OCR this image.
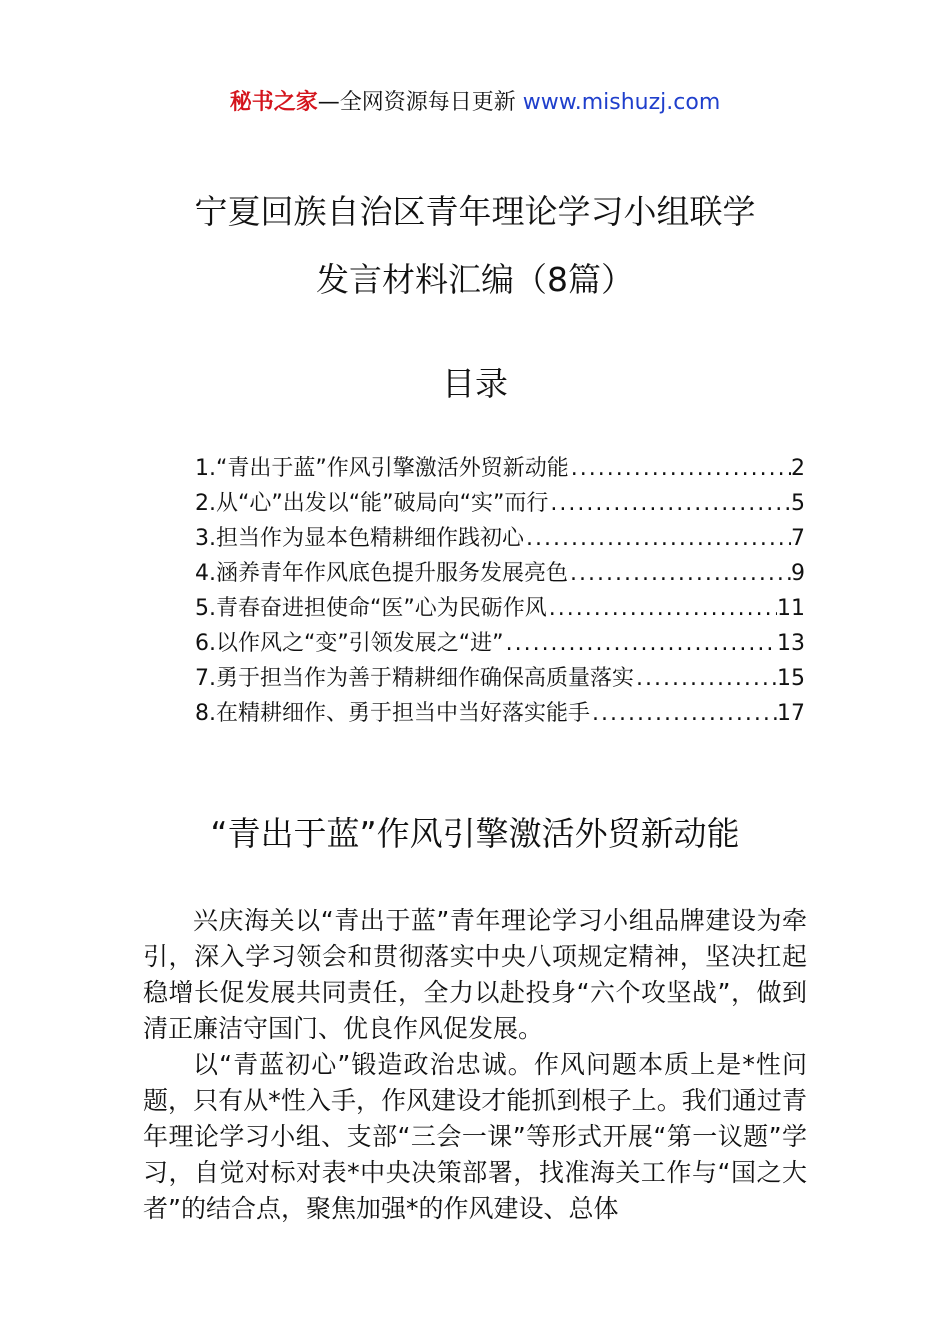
秘书之家—全网资源每日更新 www.mishuzj.com
宁夏回族自治区青年理论学习小组联学
发言材料汇编（8篇）
目录
1.“青出于蓝”作风引擎激活外贸新动能 .....	2
2.从“心”出发以“能”破局向“实”而行 .....	5
3.担当作为显本色精耕细作践初心 .....	7
4.涵养青年作风底色提升服务发展亮色 .....	9
5.青春奋进担使命“医”心为民砺作风 .....	11
6.以作风之“变”引领发展之“进” .....	13
7.勇于担当作为善于精耕细作确保高质量落实 .....	15
8.在精耕细作、勇于担当中当好落实能手 .....	17
“青出于蓝”作风引擎激活外贸新动能

兴庆海关以“青出于蓝”青年理论学习小组品牌建设为牵引，深入学习领会和贯彻落实中央八项规定精神，坚决扛起稳增长促发展共同责任，全力以赴投身“六个攻坚战”，做到清正廉洁守国门、优良作风促发展。

以“青蓝初心”锻造政治忠诚。作风问题本质上是*性问题，只有从*性入手，作风建设才能抓到根子上。我们通过青年理论学习小组、支部“三会一课”等形式开展“第一议题”学习，自觉对标对表*中央决策部署，找准海关工作与“国之大者”的结合点，聚焦加强*的作风建设、总体
